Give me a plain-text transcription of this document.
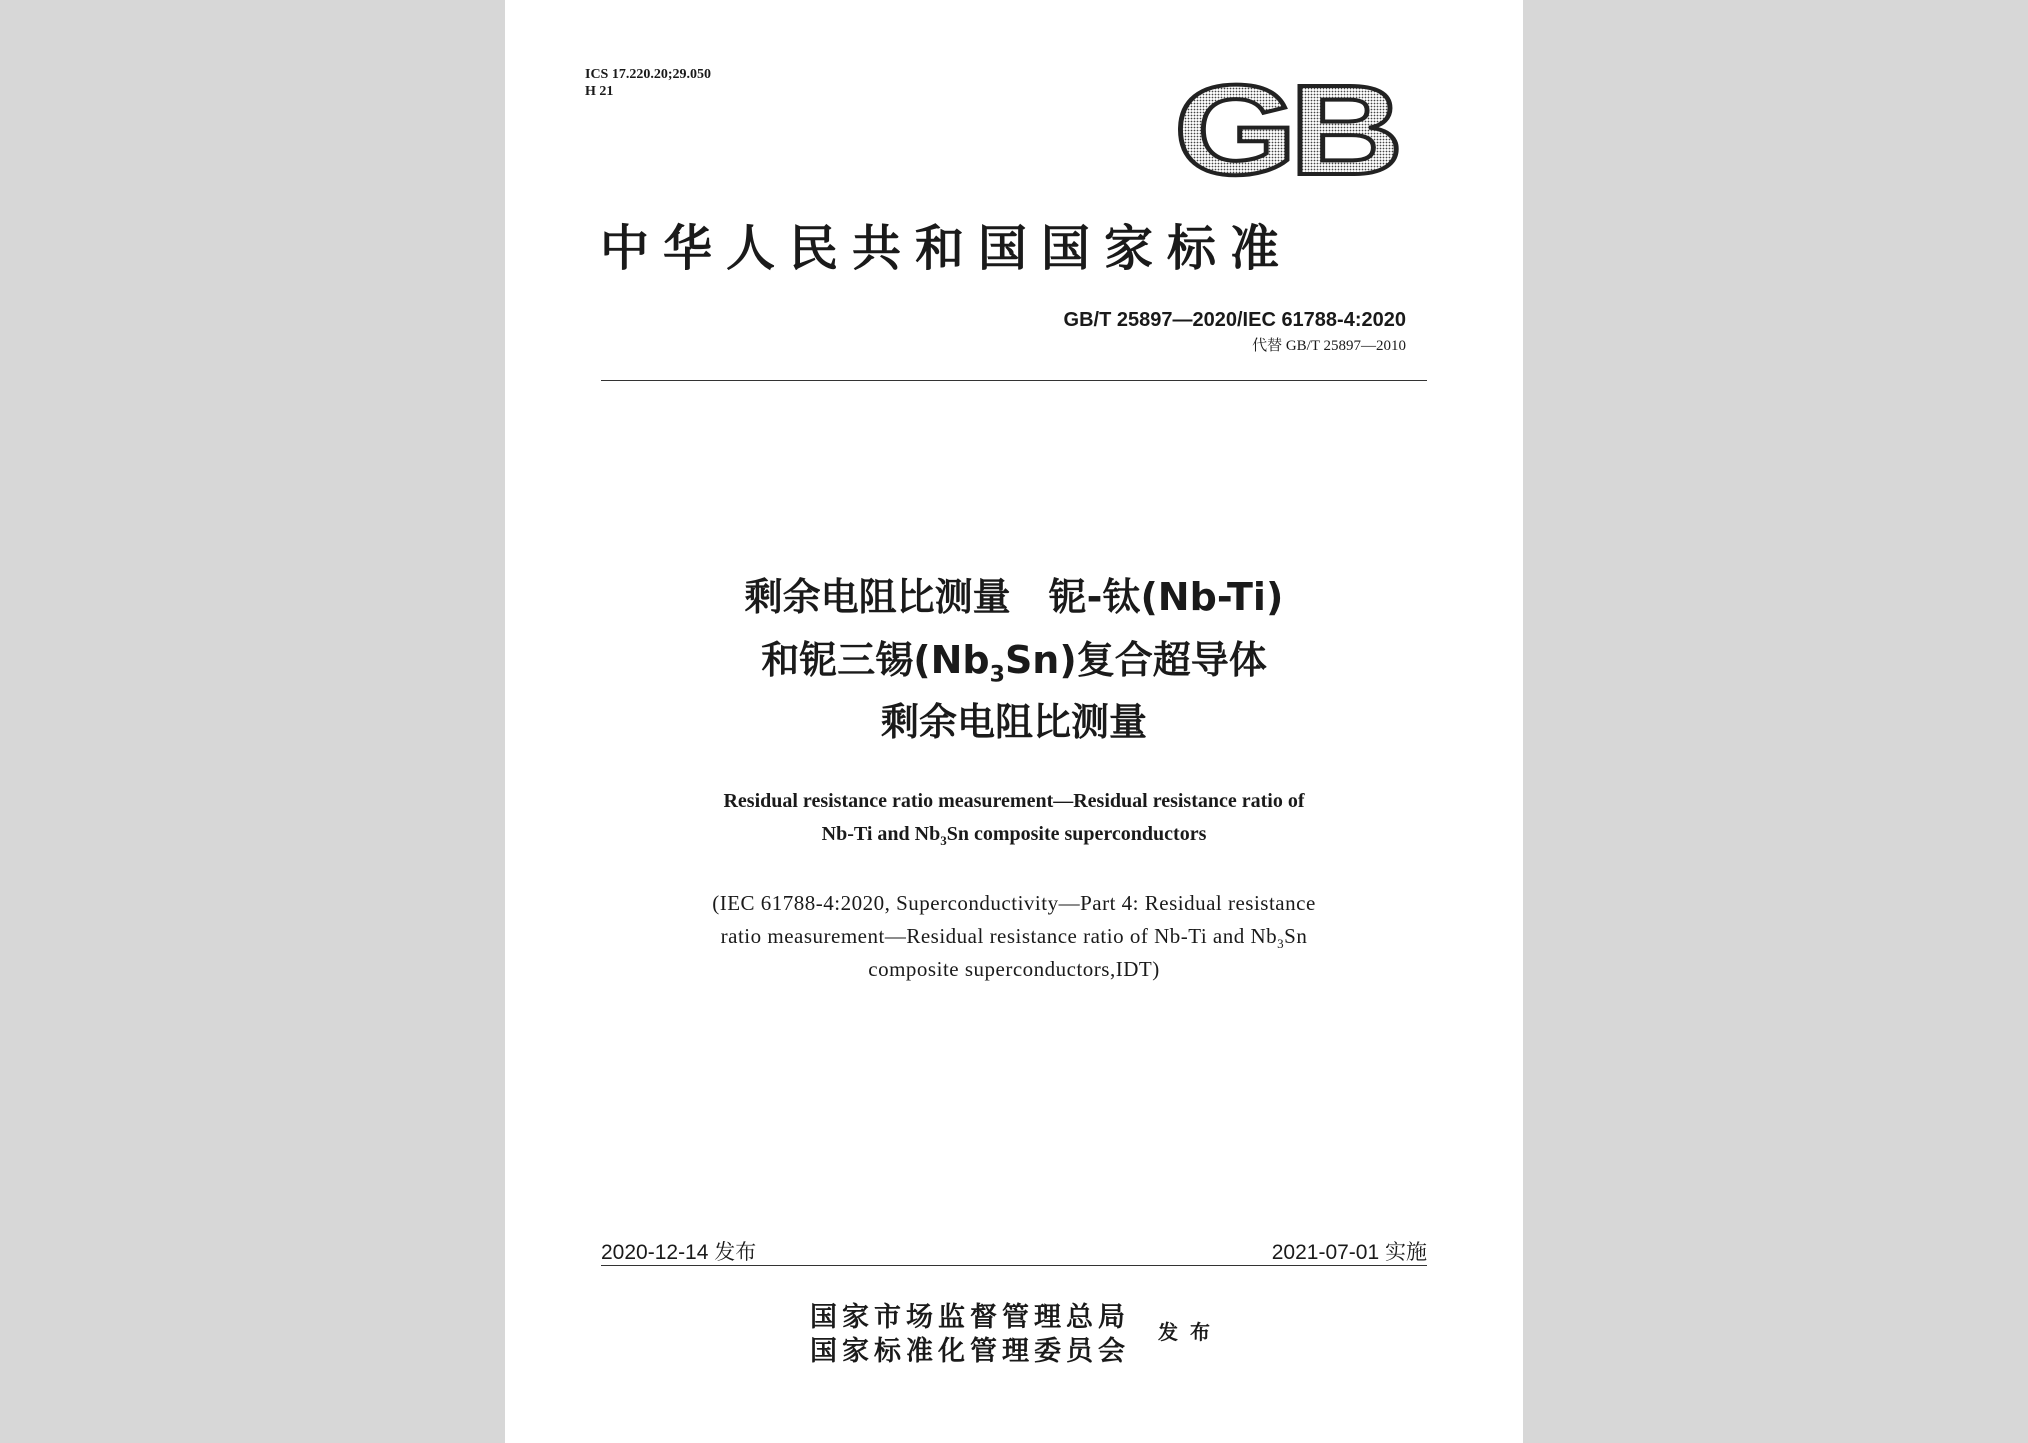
ICS 17.220.20;29.050
H 21	GB
中华人民共和国国家标准
GB/T 25897—2020/IEC 61788-4:2020
代替 GB/T 25897—2010
剩余电阻比测量　铌-钛(Nb-Ti)
和铌三锡$(Nb_3Sn)$复合超导体
剩余电阻比测量
Residual resistance ratio measurement—Residual resistance ratio of
Nb-Ti and $Nb_3Sn$ composite superconductors
(IEC 61788-4:2020, Superconductivity—Part 4: Residual resistance
ratio measurement—Residual resistance ratio of Nb-Ti and $Nb_3Sn$
composite superconductors,IDT)
2020-12-14 发布	2021-07-01 实施
国家市场监督管理总局
国家标准化管理委员会
发布
